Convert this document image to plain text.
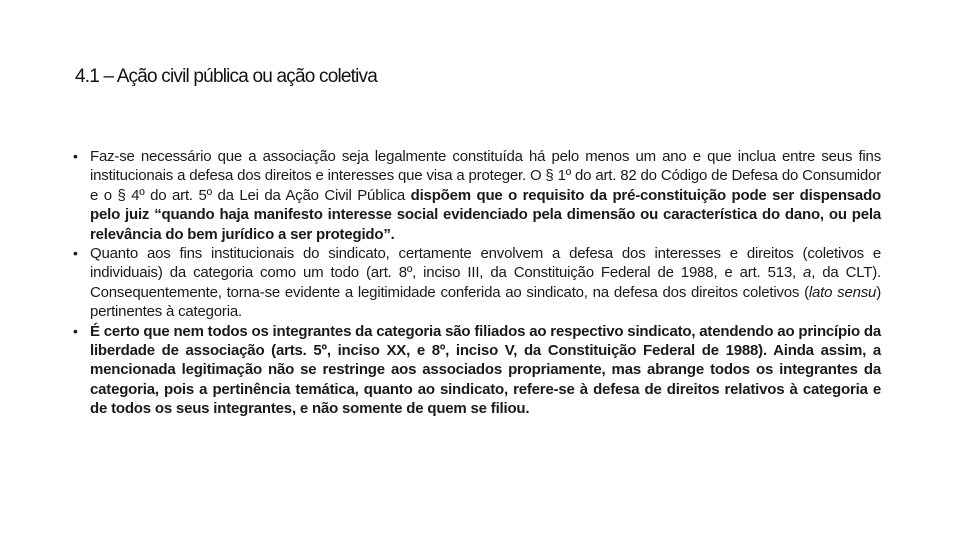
4.1 – Ação civil pública ou ação coletiva

• Faz-se necessário que a associação seja legalmente constituída há pelo menos um ano e que inclua entre seus fins institucionais a defesa dos direitos e interesses que visa a proteger. O § 1º do art. 82 do Código de Defesa do Consumidor e o § 4º do art. 5º da Lei da Ação Civil Pública dispõem que o requisito da pré-constituição pode ser dispensado pelo juiz “quando haja manifesto interesse social evidenciado pela dimensão ou característica do dano, ou pela relevância do bem jurídico a ser protegido”.

• Quanto aos fins institucionais do sindicato, certamente envolvem a defesa dos interesses e direitos (coletivos e individuais) da categoria como um todo (art. 8º, inciso III, da Constituição Federal de 1988, e art. 513, a, da CLT). Consequentemente, torna-se evidente a legitimidade conferida ao sindicato, na defesa dos direitos coletivos (lato sensu) pertinentes à categoria.

• É certo que nem todos os integrantes da categoria são filiados ao respectivo sindicato, atendendo ao princípio da liberdade de associação (arts. 5º, inciso XX, e 8º, inciso V, da Constituição Federal de 1988). Ainda assim, a mencionada legitimação não se restringe aos associados propriamente, mas abrange todos os integrantes da categoria, pois a pertinência temática, quanto ao sindicato, refere-se à defesa de direitos relativos à categoria e de todos os seus integrantes, e não somente de quem se filiou.
